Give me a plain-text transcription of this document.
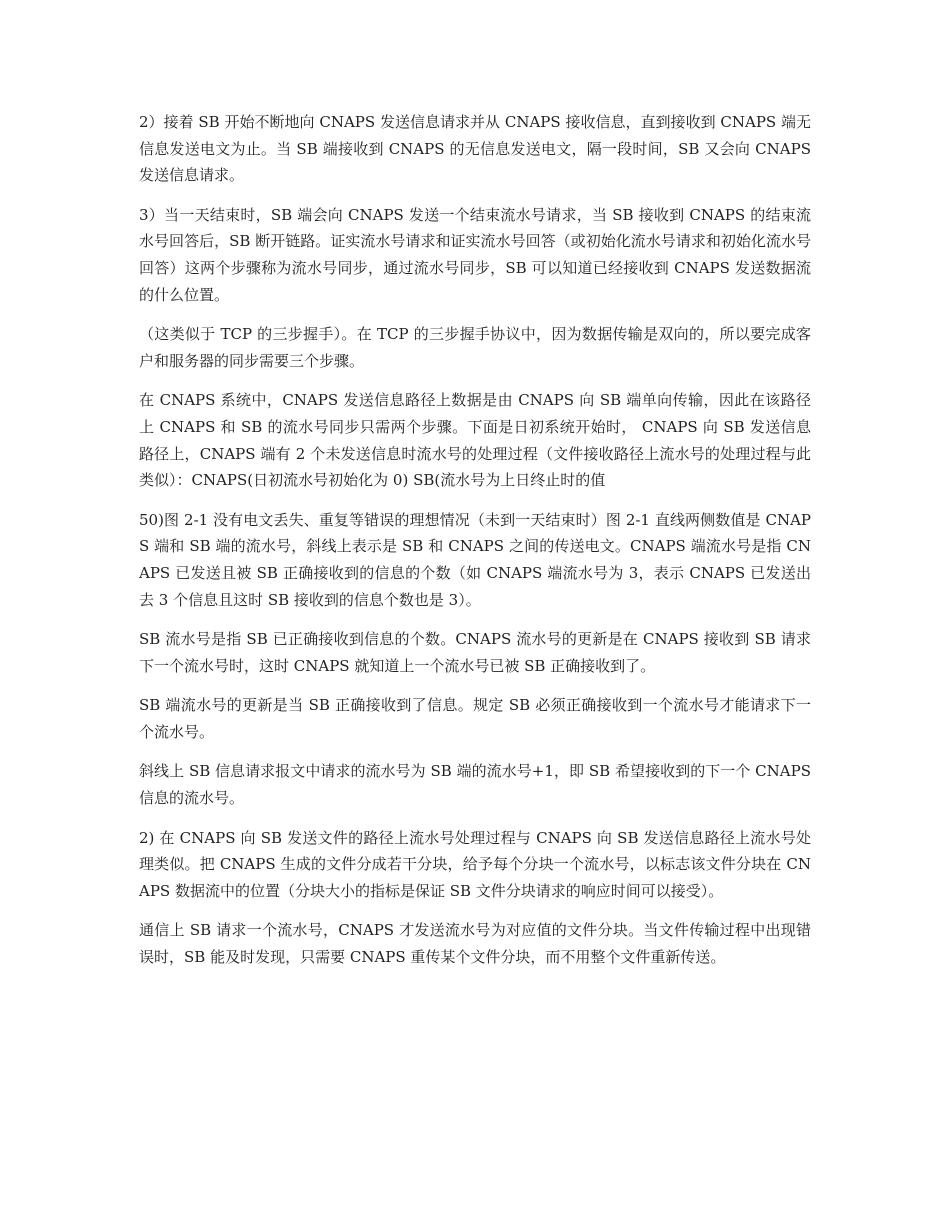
2）接着 SB 开始不断地向 CNAPS 发送信息请求并从 CNAPS 接收信息，直到接收到 CNAPS 端无信息发送电文为止。当 SB 端接收到 CNAPS 的无信息发送电文，隔一段时间，SB 又会向 CNAPS 发送信息请求。

3）当一天结束时，SB 端会向 CNAPS 发送一个结束流水号请求，当 SB 接收到 CNAPS 的结束流水号回答后，SB 断开链路。证实流水号请求和证实流水号回答（或初始化流水号请求和初始化流水号回答）这两个步骤称为流水号同步，通过流水号同步，SB 可以知道已经接收到 CNAPS 发送数据流的什么位置。

（这类似于 TCP 的三步握手）。在 TCP 的三步握手协议中，因为数据传输是双向的，所以要完成客户和服务器的同步需要三个步骤。

在 CNAPS 系统中，CNAPS 发送信息路径上数据是由 CNAPS 向 SB 端单向传输，因此在该路径上 CNAPS 和 SB 的流水号同步只需两个步骤。下面是日初系统开始时， CNAPS 向 SB 发送信息路径上，CNAPS 端有 2 个未发送信息时流水号的处理过程（文件接收路径上流水号的处理过程与此类似）：CNAPS(日初流水号初始化为 0) SB(流水号为上日终止时的值

50)图 2-1 没有电文丢失、重复等错误的理想情况（未到一天结束时）图 2-1 直线两侧数值是 CNAPS 端和 SB 端的流水号，斜线上表示是 SB 和 CNAPS 之间的传送电文。CNAPS 端流水号是指 CNAPS 已发送且被 SB 正确接收到的信息的个数（如 CNAPS 端流水号为 3，表示 CNAPS 已发送出去 3 个信息且这时 SB 接收到的信息个数也是 3）。

SB 流水号是指 SB 已正确接收到信息的个数。CNAPS 流水号的更新是在 CNAPS 接收到 SB 请求下一个流水号时，这时 CNAPS 就知道上一个流水号已被 SB 正确接收到了。

SB 端流水号的更新是当 SB 正确接收到了信息。规定 SB 必须正确接收到一个流水号才能请求下一个流水号。

斜线上 SB 信息请求报文中请求的流水号为 SB 端的流水号+1，即 SB 希望接收到的下一个 CNAPS 信息的流水号。

2) 在 CNAPS 向 SB 发送文件的路径上流水号处理过程与 CNAPS 向 SB 发送信息路径上流水号处理类似。把 CNAPS 生成的文件分成若干分块，给予每个分块一个流水号，以标志该文件分块在 CNAPS 数据流中的位置（分块大小的指标是保证 SB 文件分块请求的响应时间可以接受）。

通信上 SB 请求一个流水号，CNAPS 才发送流水号为对应值的文件分块。当文件传输过程中出现错误时，SB 能及时发现，只需要 CNAPS 重传某个文件分块，而不用整个文件重新传送。
